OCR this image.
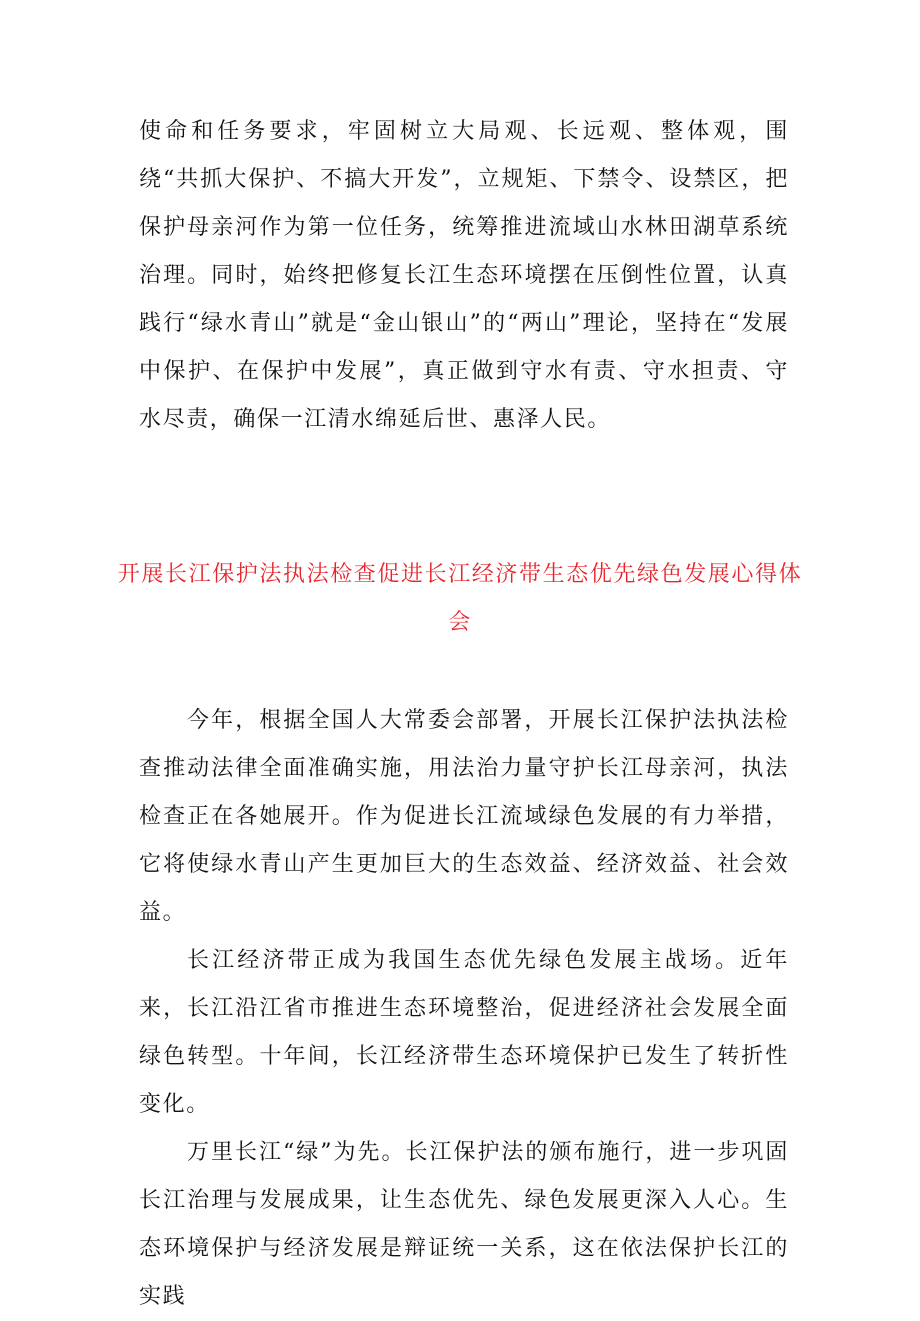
使命和任务要求，牢固树立大局观、长远观、整体观，围绕“共抓大保护、不搞大开发”，立规矩、下禁令、设禁区，把保护母亲河作为第一位任务，统筹推进流域山水林田湖草系统治理。同时，始终把修复长江生态环境摆在压倒性位置，认真践行“绿水青山”就是“金山银山”的“两山”理论，坚持在“发展中保护、在保护中发展”，真正做到守水有责、守水担责、守水尽责，确保一江清水绵延后世、惠泽人民。

开展长江保护法执法检查促进长江经济带生态优先绿色发展心得体会

今年，根据全国人大常委会部署，开展长江保护法执法检查推动法律全面准确实施，用法治力量守护长江母亲河，执法检查正在各她展开。作为促进长江流域绿色发展的有力举措，它将使绿水青山产生更加巨大的生态效益、经济效益、社会效益。

长江经济带正成为我国生态优先绿色发展主战场。近年来，长江沿江省市推进生态环境整治，促进经济社会发展全面绿色转型。十年间，长江经济带生态环境保护已发生了转折性变化。

万里长江“绿”为先。长江保护法的颁布施行，进一步巩固长江治理与发展成果，让生态优先、绿色发展更深入人心。生态环境保护与经济发展是辩证统一关系，这在依法保护长江的实践
